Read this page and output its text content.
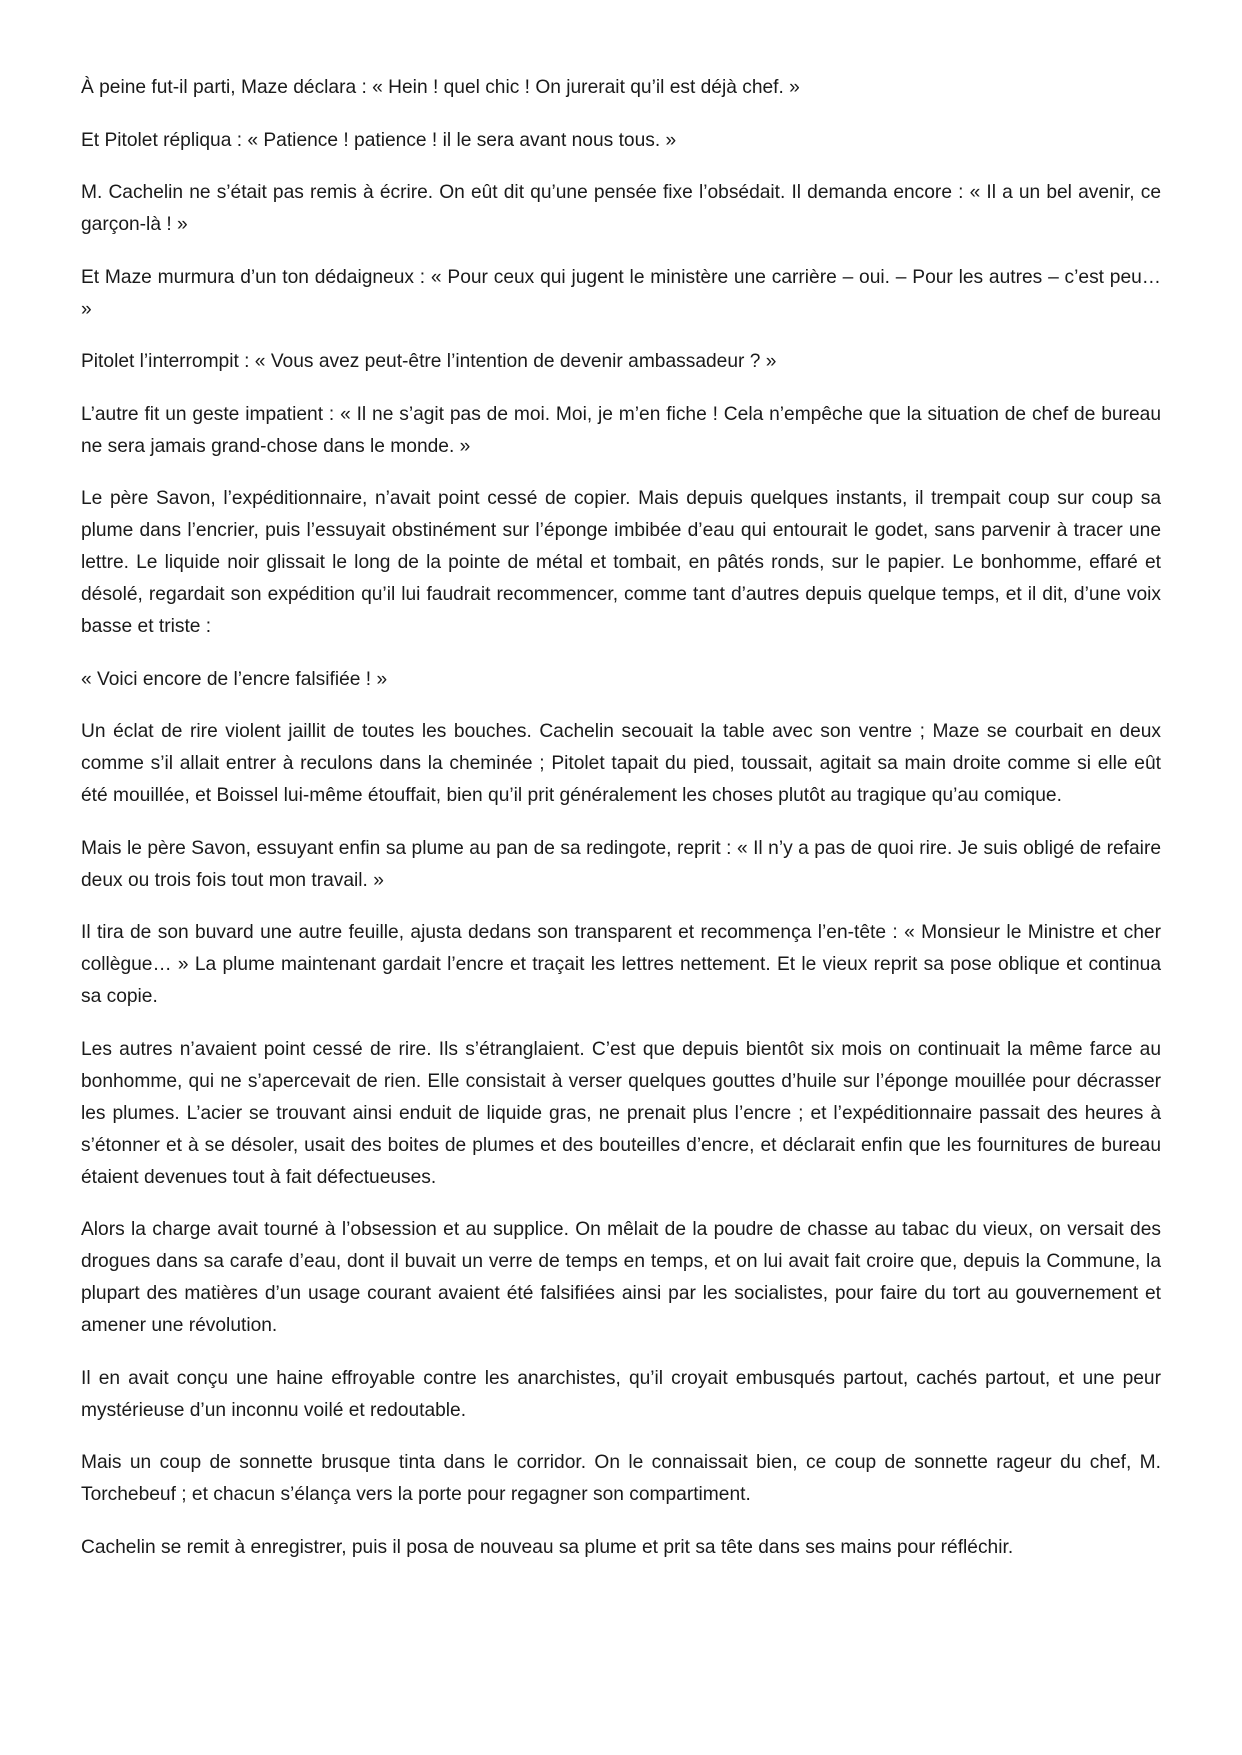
À peine fut-il parti, Maze déclara : « Hein ! quel chic ! On jurerait qu’il est déjà chef. »

Et Pitolet répliqua : « Patience ! patience ! il le sera avant nous tous. »

M. Cachelin ne s’était pas remis à écrire. On eût dit qu’une pensée fixe l’obsédait. Il demanda encore : « Il a un bel avenir, ce garçon-là ! »

Et Maze murmura d’un ton dédaigneux : « Pour ceux qui jugent le ministère une carrière – oui. – Pour les autres – c’est peu… »

Pitolet l’interrompit : « Vous avez peut-être l’intention de devenir ambassadeur ? »

L’autre fit un geste impatient : « Il ne s’agit pas de moi. Moi, je m’en fiche ! Cela n’empêche que la situation de chef de bureau ne sera jamais grand-chose dans le monde. »

Le père Savon, l’expéditionnaire, n’avait point cessé de copier. Mais depuis quelques instants, il trempait coup sur coup sa plume dans l’encrier, puis l’essuyait obstinément sur l’éponge imbibée d’eau qui entourait le godet, sans parvenir à tracer une lettre. Le liquide noir glissait le long de la pointe de métal et tombait, en pâtés ronds, sur le papier. Le bonhomme, effaré et désolé, regardait son expédition qu’il lui faudrait recommencer, comme tant d’autres depuis quelque temps, et il dit, d’une voix basse et triste :

« Voici encore de l’encre falsifiée ! »

Un éclat de rire violent jaillit de toutes les bouches. Cachelin secouait la table avec son ventre ; Maze se courbait en deux comme s’il allait entrer à reculons dans la cheminée ; Pitolet tapait du pied, toussait, agitait sa main droite comme si elle eût été mouillée, et Boissel lui-même étouffait, bien qu’il prit généralement les choses plutôt au tragique qu’au comique.

Mais le père Savon, essuyant enfin sa plume au pan de sa redingote, reprit : « Il n’y a pas de quoi rire. Je suis obligé de refaire deux ou trois fois tout mon travail. »

Il tira de son buvard une autre feuille, ajusta dedans son transparent et recommença l’en-tête : « Monsieur le Ministre et cher collègue… » La plume maintenant gardait l’encre et traçait les lettres nettement. Et le vieux reprit sa pose oblique et continua sa copie.

Les autres n’avaient point cessé de rire. Ils s’étranglaient. C’est que depuis bientôt six mois on continuait la même farce au bonhomme, qui ne s’apercevait de rien. Elle consistait à verser quelques gouttes d’huile sur l’éponge mouillée pour décrasser les plumes. L’acier se trouvant ainsi enduit de liquide gras, ne prenait plus l’encre ; et l’expéditionnaire passait des heures à s’étonner et à se désoler, usait des boites de plumes et des bouteilles d’encre, et déclarait enfin que les fournitures de bureau étaient devenues tout à fait défectueuses.

Alors la charge avait tourné à l’obsession et au supplice. On mêlait de la poudre de chasse au tabac du vieux, on versait des drogues dans sa carafe d’eau, dont il buvait un verre de temps en temps, et on lui avait fait croire que, depuis la Commune, la plupart des matières d’un usage courant avaient été falsifiées ainsi par les socialistes, pour faire du tort au gouvernement et amener une révolution.

Il en avait conçu une haine effroyable contre les anarchistes, qu’il croyait embusqués partout, cachés partout, et une peur mystérieuse d’un inconnu voilé et redoutable.

Mais un coup de sonnette brusque tinta dans le corridor. On le connaissait bien, ce coup de sonnette rageur du chef, M. Torchebeuf ; et chacun s’élança vers la porte pour regagner son compartiment.

Cachelin se remit à enregistrer, puis il posa de nouveau sa plume et prit sa tête dans ses mains pour réfléchir.
